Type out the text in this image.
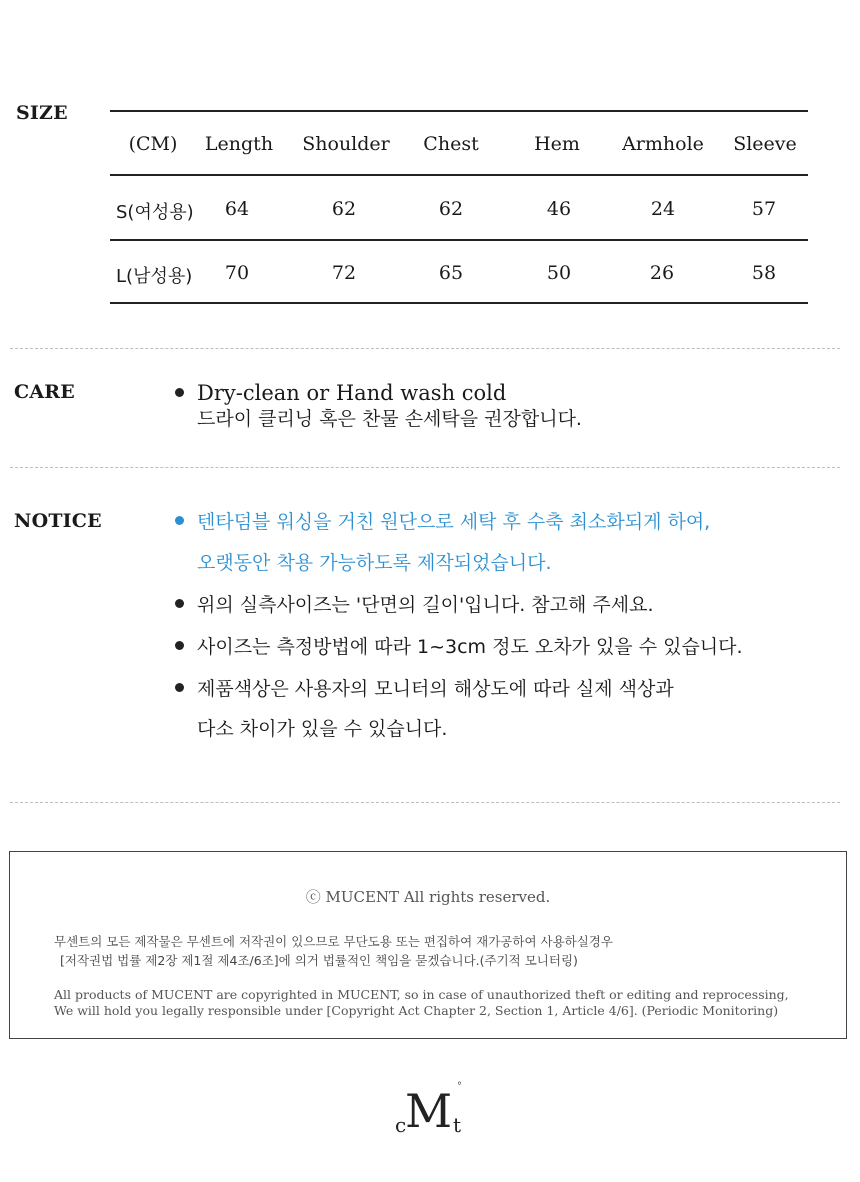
SIZE
(CM)	Length	Shoulder	Chest	Hem	Armhole	Sleeve
S(여성용)	64	62	62	46	24	57
L(남성용)	70	72	65	50	26	58
CARE	Dry-clean or Hand wash cold
드라이 클리닝 혹은 찬물 손세탁을 권장합니다.
NOTICE	텐타덤블 워싱을 거친 원단으로 세탁 후 수축 최소화되게 하여,
오랫동안 착용 가능하도록 제작되었습니다.
위의 실측사이즈는 '단면의 길이'입니다. 참고해 주세요.
사이즈는 측정방법에 따라 1~3cm 정도 오차가 있을 수 있습니다.
제품색상은 사용자의 모니터의 해상도에 따라 실제 색상과
다소 차이가 있을 수 있습니다.
ⓒ MUCENT All rights reserved.
무센트의 모든 제작물은 무센트에 저작권이 있으므로 무단도용 또는 편집하여 재가공하여 사용하실경우
[저작권법 법률 제2장 제1절 제4조/6조]에 의거 법률적인 책임을 묻겠습니다.(주기적 모니터링)
All products of MUCENT are copyrighted in MUCENT, so in case of unauthorized theft or editing and reprocessing,
We will hold you legally responsible under [Copyright Act Chapter 2, Section 1, Article 4/6]. (Periodic Monitoring)
c
M t
°
